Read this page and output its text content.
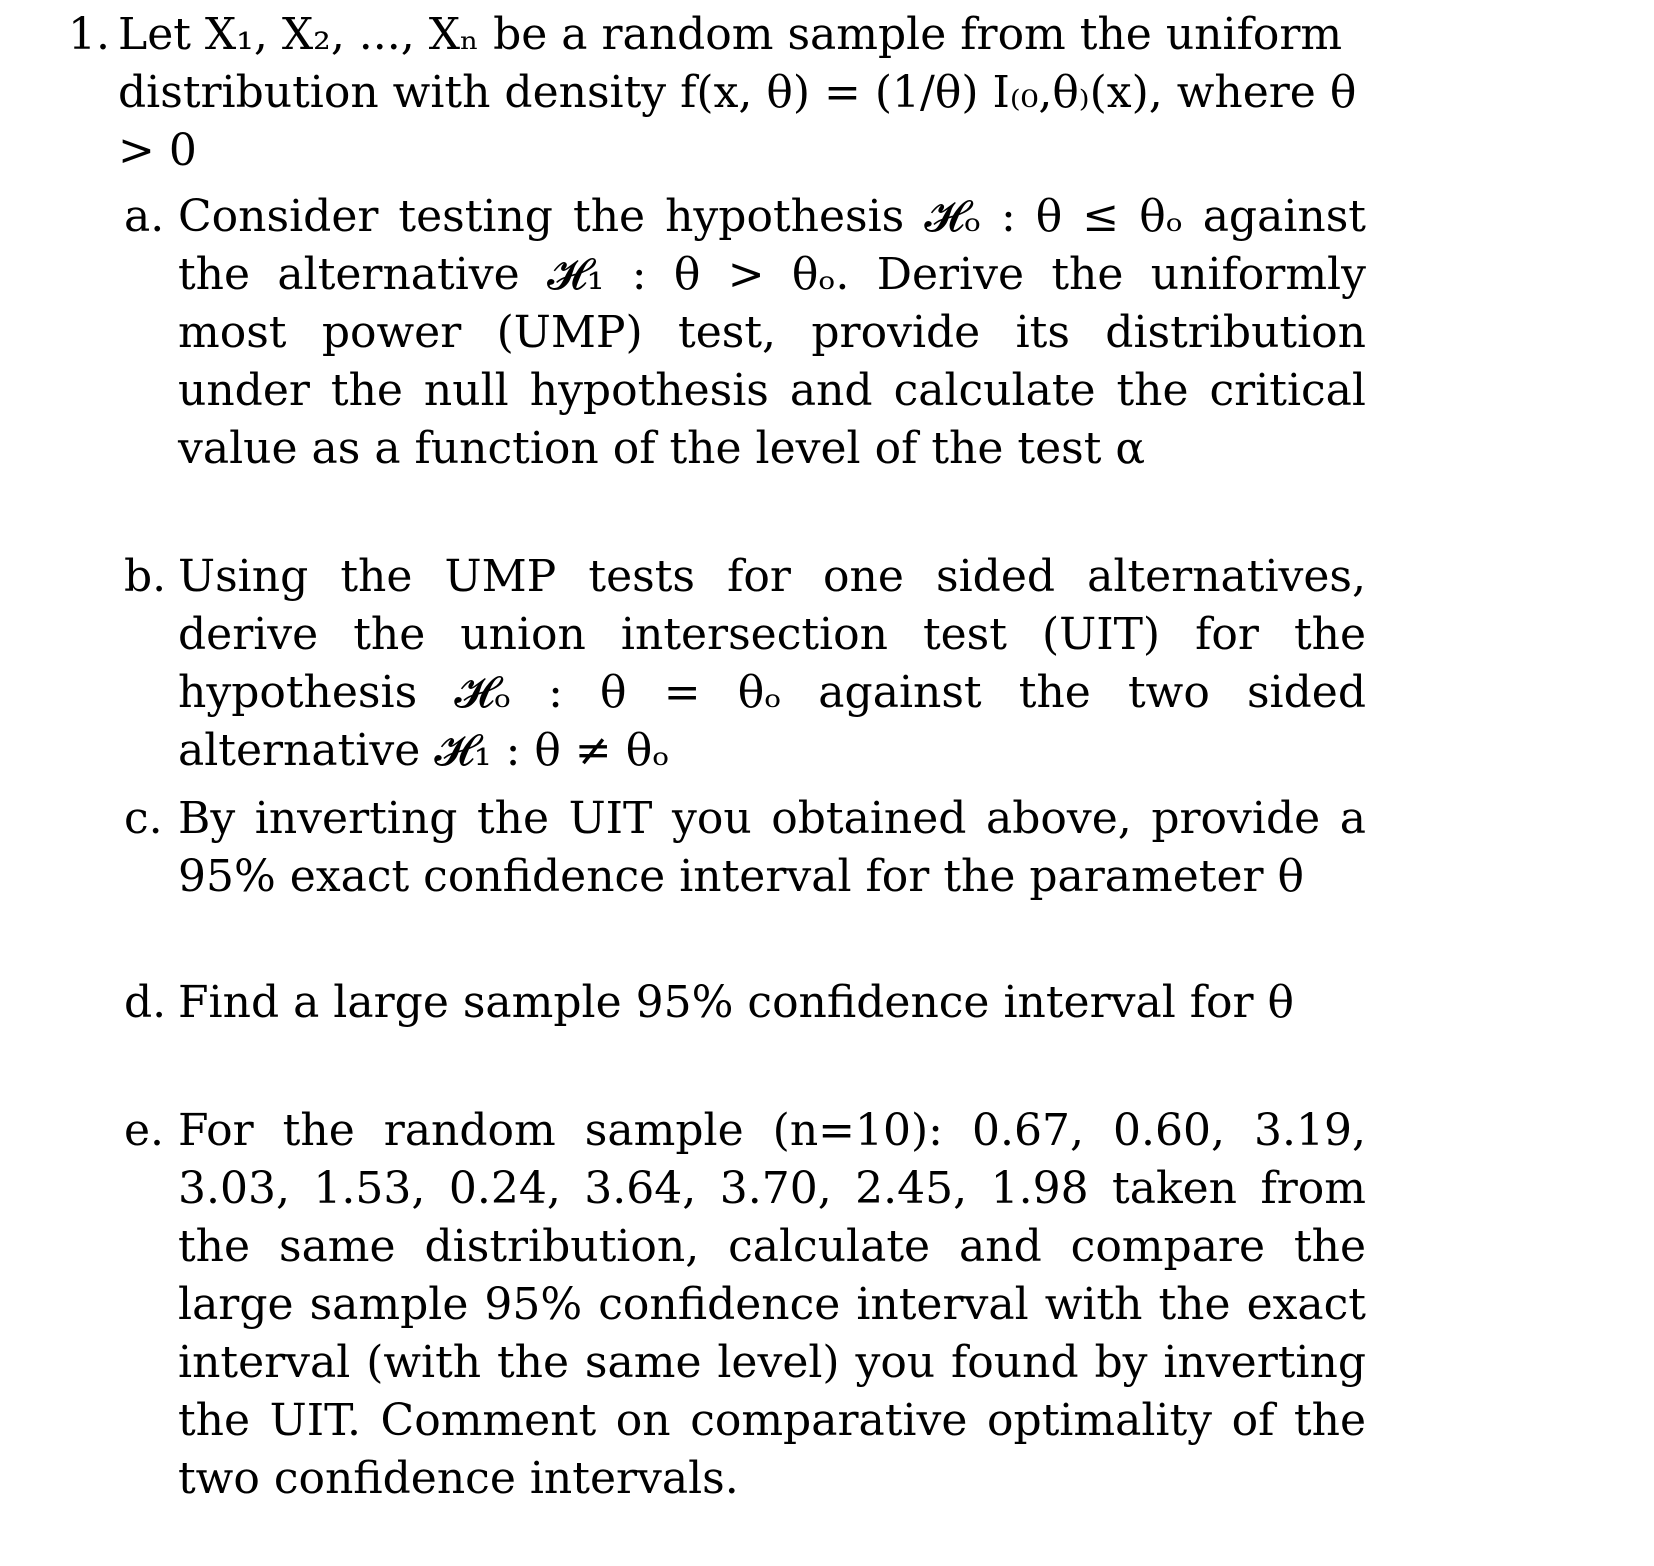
1. Let X₁, X₂, ..., Xₙ be a random sample from the uniform distribution with density f(x, θ) = (1/θ) I₍₀,θ₎(x), where θ > 0
a. Consider testing the hypothesis 𝓗ₒ : θ ≤ θₒ against the alternative 𝓗₁ : θ > θₒ. Derive the uniformly most power (UMP) test, provide its distribution under the null hypothesis and calculate the critical value as a function of the level of the test α
b. Using the UMP tests for one sided alternatives, derive the union intersection test (UIT) for the hypothesis 𝓗ₒ : θ = θₒ against the two sided alternative 𝓗₁ : θ ≠ θₒ
c. By inverting the UIT you obtained above, provide a 95% exact confidence interval for the parameter θ
d. Find a large sample 95% confidence interval for θ
e. For the random sample (n=10): 0.67, 0.60, 3.19, 3.03, 1.53, 0.24, 3.64, 3.70, 2.45, 1.98 taken from the same distribution, calculate and compare the large sample 95% confidence interval with the exact interval (with the same level) you found by inverting the UIT. Comment on comparative optimality of the two confidence intervals.
